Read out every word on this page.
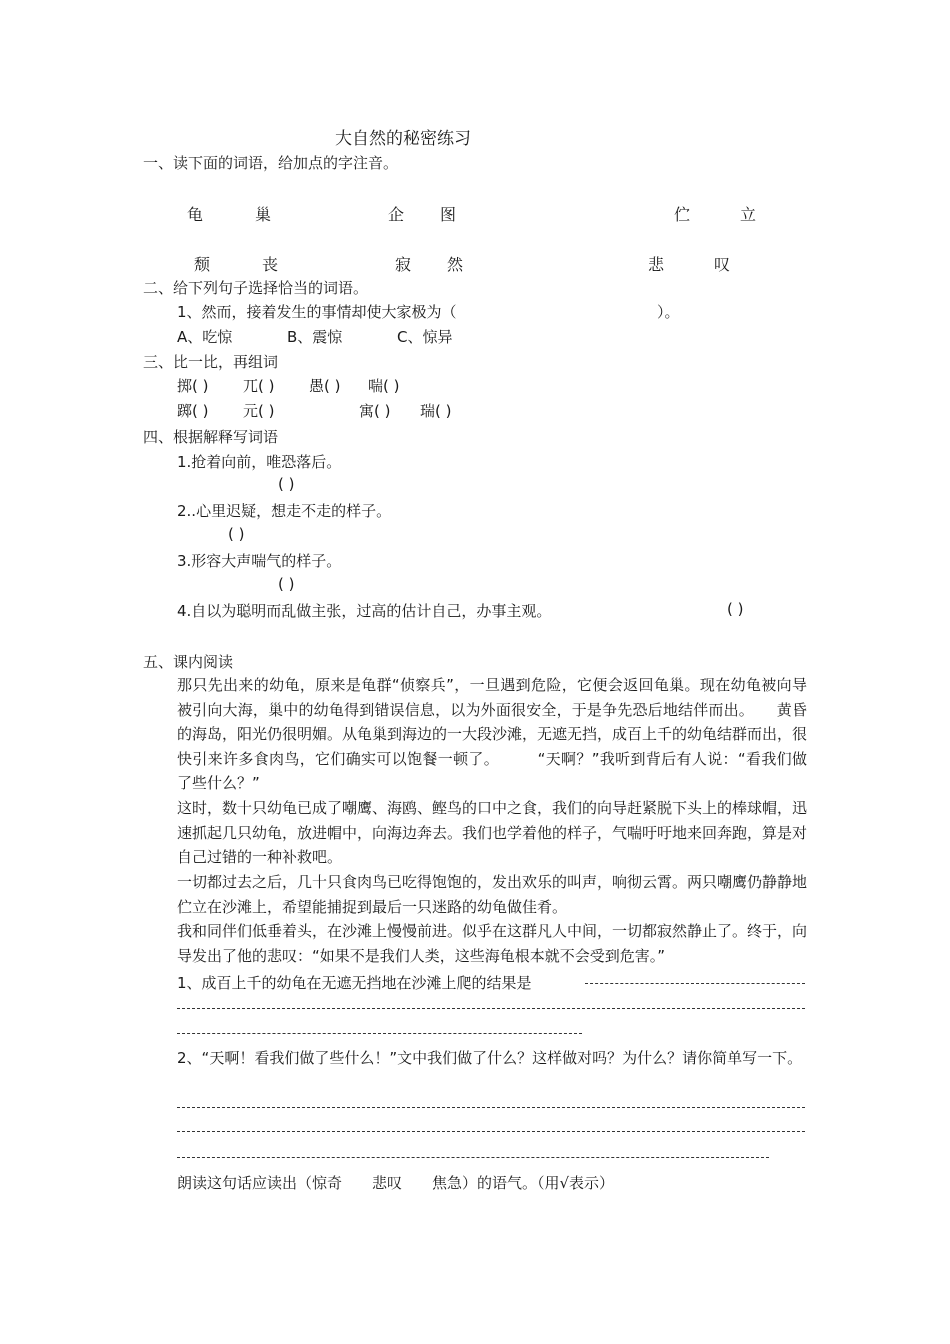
大自然的秘密练习
一、读下面的词语，给加点的字注音。
龟	巢	企 图	伫	立
颓	丧	寂 然	悲	叹
二、给下列句子选择恰当的词语。
1、然而，接着发生的事情却使大家极为（	）。
A、吃惊	B、震惊	C、惊异
三、比一比，再组词
掷( ) 兀( ) 愚( ) 喘( )
踯( ) 元( )	寓( ) 瑞( )
四、根据解释写词语
1.抢着向前，唯恐落后。
( )
2..心里迟疑，想走不走的样子。
( )
3.形容大声喘气的样子。
( )
4.自以为聪明而乱做主张，过高的估计自己，办事主观。	( )
五、课内阅读
那只先出来的幼龟，原来是龟群“侦察兵”，一旦遇到危险，它便会返回龟巢。现在幼龟被向导被引向大海，巢中的幼龟得到错误信息，以为外面很安全，于是争先恐后地结伴而出。　　黄昏的海岛，阳光仍很明媚。从龟巢到海边的一大段沙滩，无遮无挡，成百上千的幼龟结群而出，很快引来许多食肉鸟，它们确实可以饱餐一顿了。　　　“天啊？”我听到背后有人说：“看我们做了些什么？”
这时，数十只幼龟已成了嘲鹰、海鸥、鲣鸟的口中之食，我们的向导赶紧脱下头上的棒球帽，迅速抓起几只幼龟，放进帽中，向海边奔去。我们也学着他的样子，气喘吁吁地来回奔跑，算是对自己过错的一种补救吧。
一切都过去之后，几十只食肉鸟已吃得饱饱的，发出欢乐的叫声，响彻云霄。两只嘲鹰仍静静地伫立在沙滩上，希望能捕捉到最后一只迷路的幼龟做佳肴。
我和同伴们低垂着头，在沙滩上慢慢前进。似乎在这群凡人中间，一切都寂然静止了。终于，向导发出了他的悲叹：“如果不是我们人类，这些海龟根本就不会受到危害。”
1、成百上千的幼龟在无遮无挡地在沙滩上爬的结果是
2、“天啊！看我们做了些什么！”文中我们做了什么？这样做对吗？为什么？请你简单写一下。
朗读这句话应读出（惊奇　　悲叹　　焦急）的语气。（用√表示）
